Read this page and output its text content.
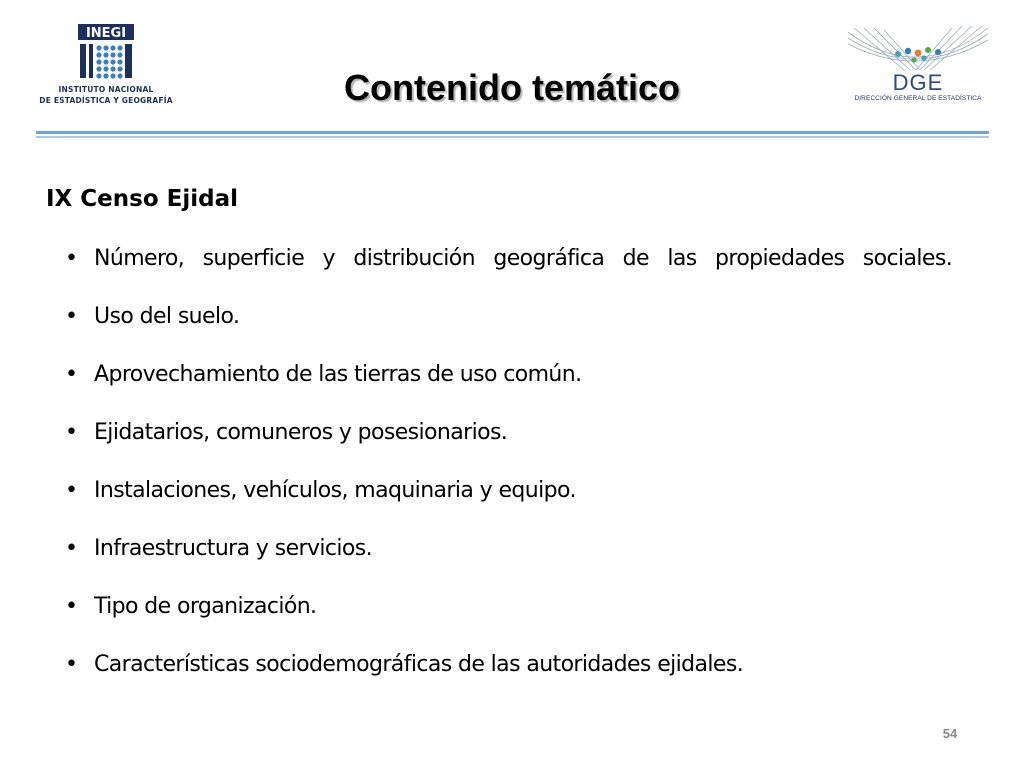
INEGI
INSTITUTO NACIONAL
DE ESTADÍSTICA Y GEOGRAFÍA	Contenido temático	DGE
DIRECCIÓN GENERAL DE ESTADÍSTICA
IX Censo Ejidal
• Número, superficie y distribución geográfica de las propiedades sociales.
• Uso del suelo.
• Aprovechamiento de las tierras de uso común.
• Ejidatarios, comuneros y posesionarios.
• Instalaciones, vehículos, maquinaria y equipo.
• Infraestructura y servicios.
• Tipo de organización.
• Características sociodemográficas de las autoridades ejidales.
54
